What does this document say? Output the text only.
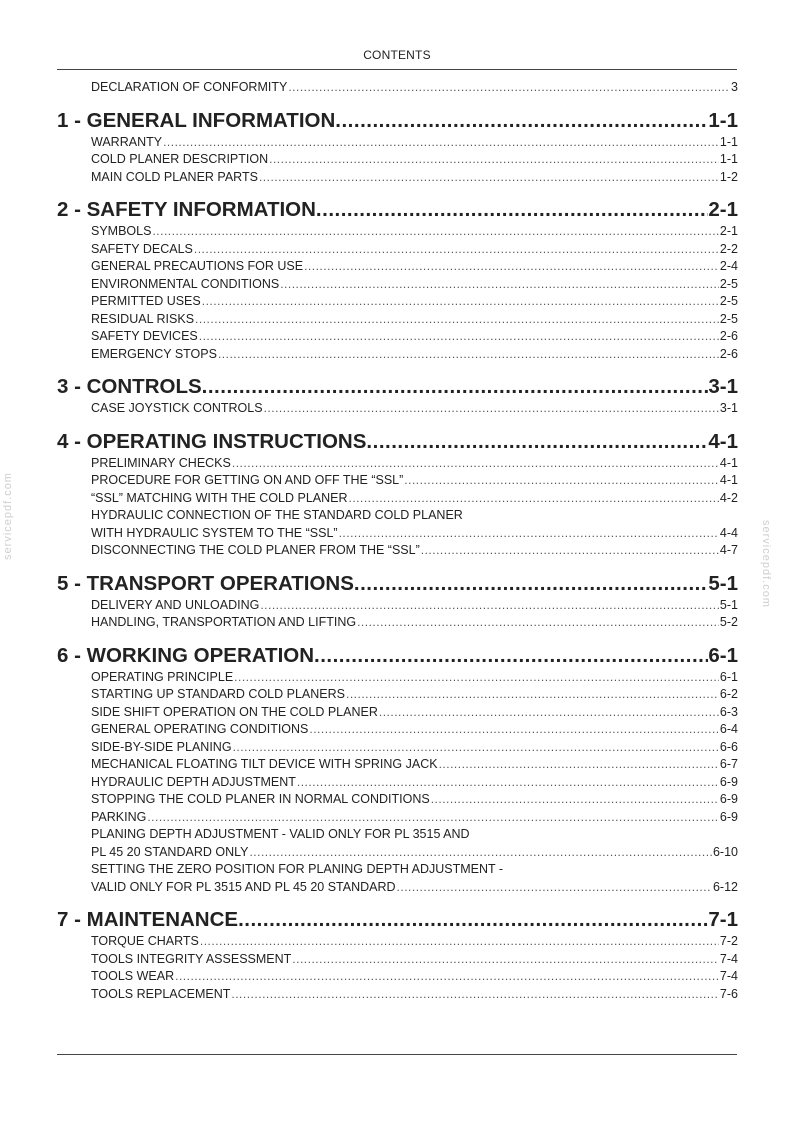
CONTENTS
DECLARATION OF CONFORMITY .....	3
1 - GENERAL INFORMATION .....	1-1
WARRANTY .....	1-1
COLD PLANER DESCRIPTION .....	1-1
MAIN COLD PLANER PARTS .....	1-2
2 - SAFETY INFORMATION .....	2-1
SYMBOLS .....	2-1
SAFETY DECALS .....	2-2
GENERAL PRECAUTIONS FOR USE .....	2-4
ENVIRONMENTAL CONDITIONS .....	2-5
PERMITTED USES .....	2-5
RESIDUAL RISKS .....	2-5
SAFETY DEVICES .....	2-6
EMERGENCY STOPS .....	2-6
3 - CONTROLS .....	3-1
CASE JOYSTICK CONTROLS .....	3-1
4 - OPERATING INSTRUCTIONS .....	4-1
PRELIMINARY CHECKS .....	4-1
PROCEDURE FOR GETTING ON AND OFF THE “SSL” .....	4-1
“SSL” MATCHING WITH THE COLD PLANER .....	4-2
HYDRAULIC CONNECTION OF THE STANDARD COLD PLANER
WITH HYDRAULIC SYSTEM TO THE “SSL” .....	4-4
DISCONNECTING THE COLD PLANER FROM THE “SSL” .....	4-7
5 - TRANSPORT OPERATIONS .....	5-1
DELIVERY AND UNLOADING .....	5-1
HANDLING, TRANSPORTATION AND LIFTING .....	5-2
6 - WORKING OPERATION .....	6-1
OPERATING PRINCIPLE .....	6-1
STARTING UP STANDARD COLD PLANERS .....	6-2
SIDE SHIFT OPERATION ON THE COLD PLANER .....	6-3
GENERAL OPERATING CONDITIONS .....	6-4
SIDE-BY-SIDE PLANING .....	6-6
MECHANICAL FLOATING TILT DEVICE WITH SPRING JACK .....	6-7
HYDRAULIC DEPTH ADJUSTMENT .....	6-9
STOPPING THE COLD PLANER IN NORMAL CONDITIONS .....	6-9
PARKING .....	6-9
PLANING DEPTH ADJUSTMENT - VALID ONLY FOR PL 3515 AND
PL 45 20 STANDARD ONLY .....	6-10
SETTING THE ZERO POSITION FOR PLANING DEPTH ADJUSTMENT -
VALID ONLY FOR PL 3515 AND PL 45 20 STANDARD .....	6-12
7 - MAINTENANCE .....	7-1
TORQUE CHARTS .....	7-2
TOOLS INTEGRITY ASSESSMENT .....	7-4
TOOLS WEAR .....	7-4
TOOLS REPLACEMENT .....	7-6
servicepdf.com
servicepdf.com
